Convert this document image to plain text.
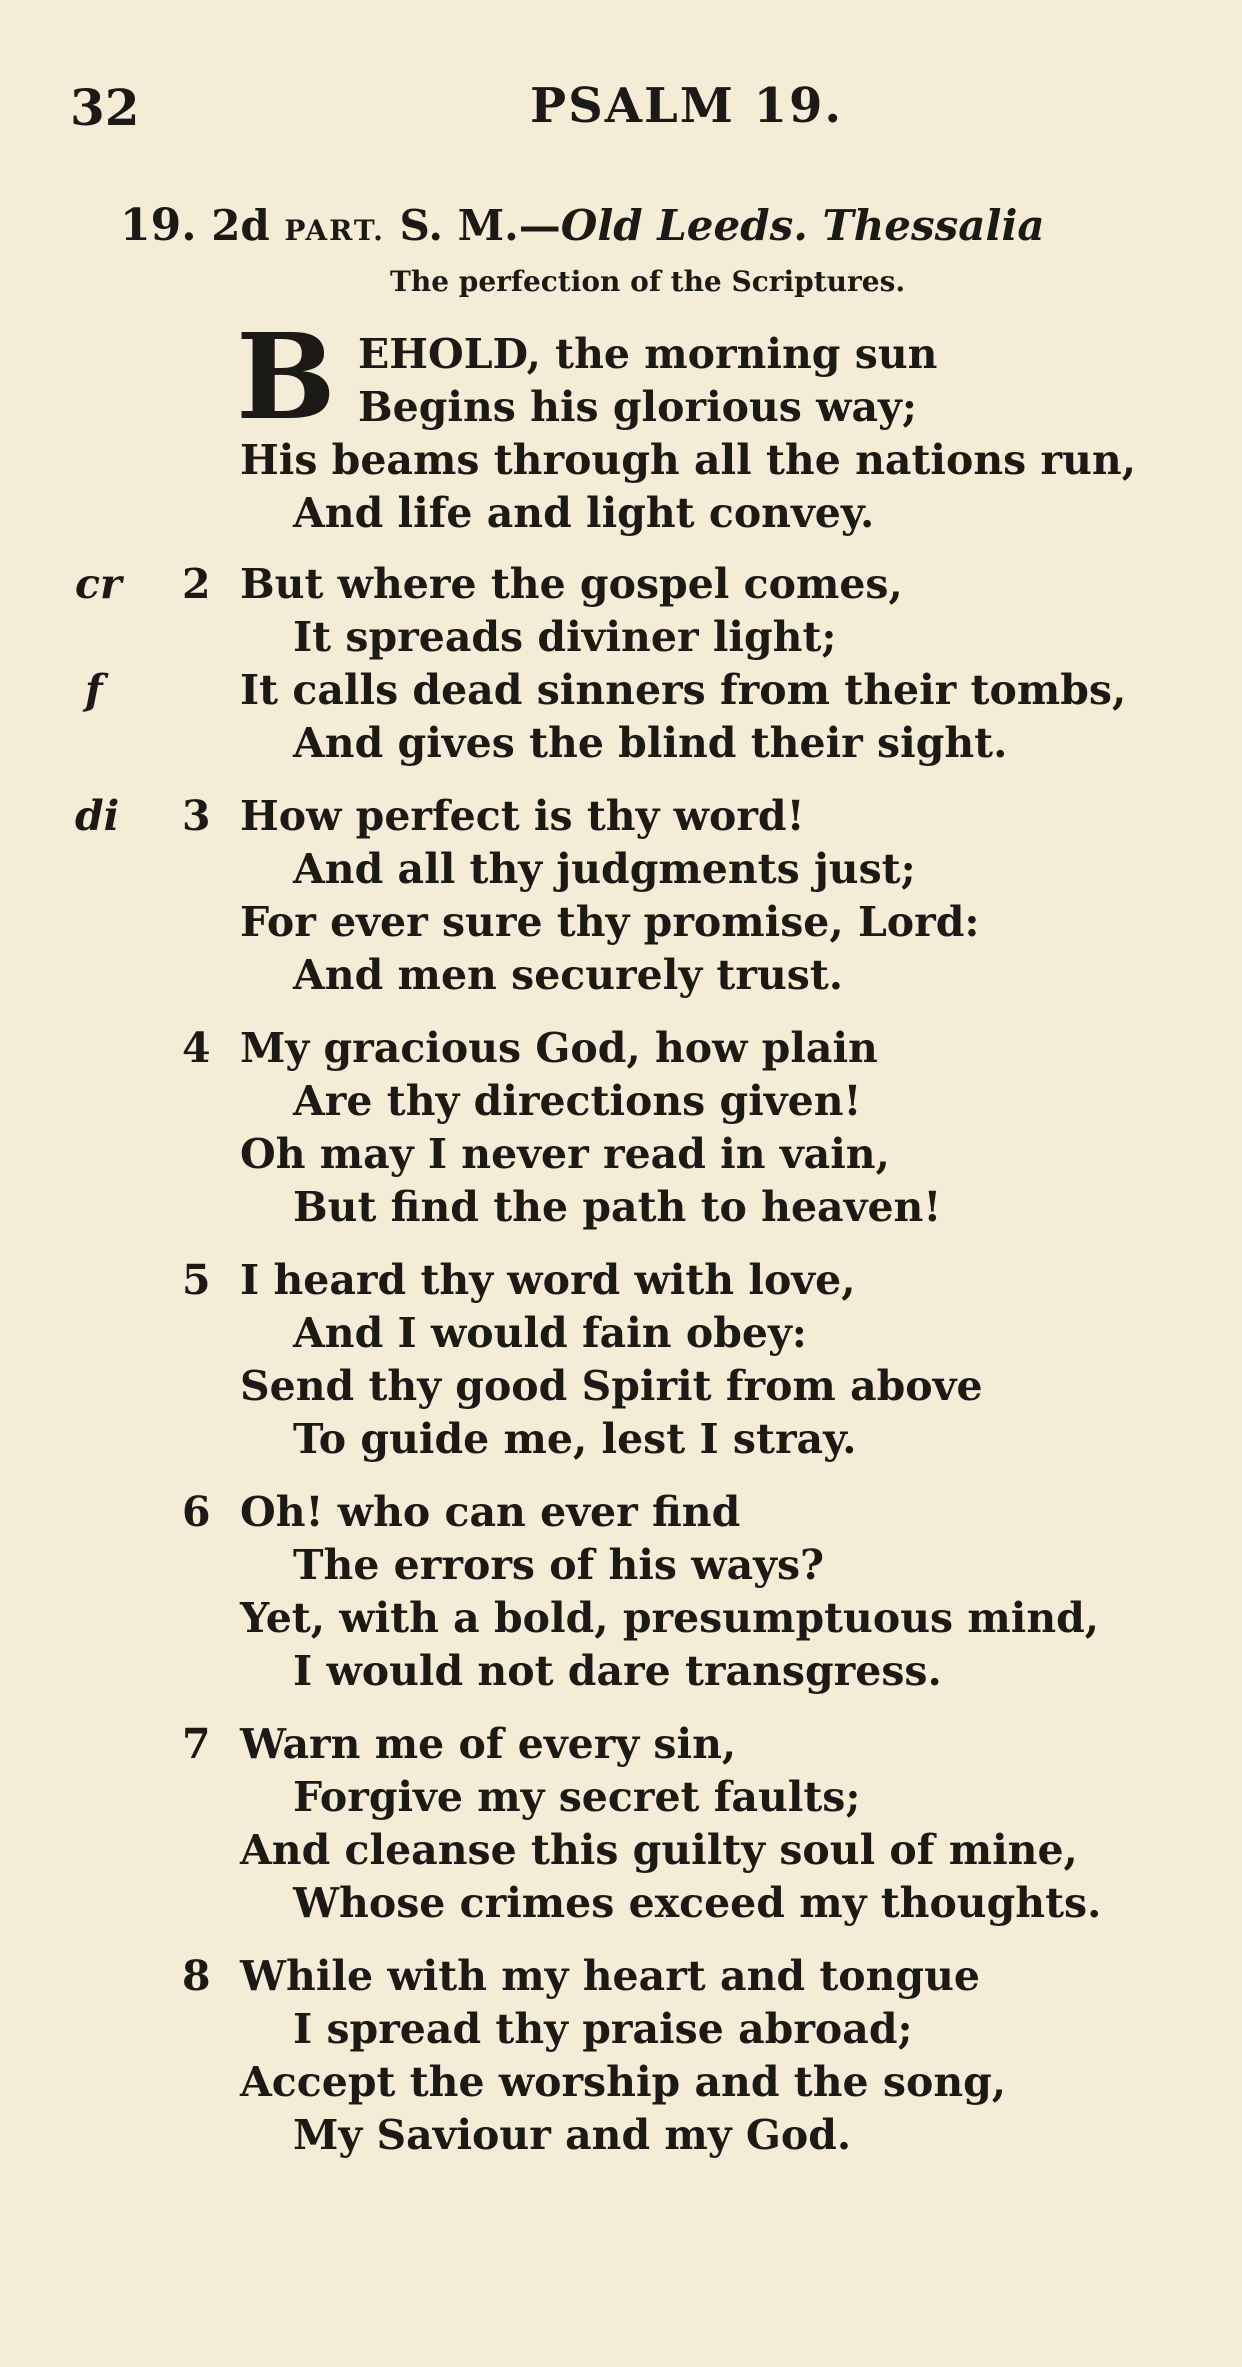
32	PSALM 19.
19. 2d PART. S. M.—Old Leeds. Thessalia
The perfection of the Scriptures.
B EHOLD, the morning sun
Begins his glorious way;
His beams through all the nations run,
And life and light convey.
cr 2 But where the gospel comes,
It spreads diviner light;
f	It calls dead sinners from their tombs,
And gives the blind their sight.
di 3 How perfect is thy word!
And all thy judgments just;
For ever sure thy promise, Lord:
And men securely trust.
4 My gracious God, how plain
Are thy directions given!
Oh may I never read in vain,
But find the path to heaven!
5 I heard thy word with love,
And I would fain obey:
Send thy good Spirit from above
To guide me, lest I stray.
6 Oh! who can ever find
The errors of his ways?
Yet, with a bold, presumptuous mind,
I would not dare transgress.
7 Warn me of every sin,
Forgive my secret faults;
And cleanse this guilty soul of mine,
Whose crimes exceed my thoughts.
8 While with my heart and tongue
I spread thy praise abroad;
Accept the worship and the song,
My Saviour and my God.
